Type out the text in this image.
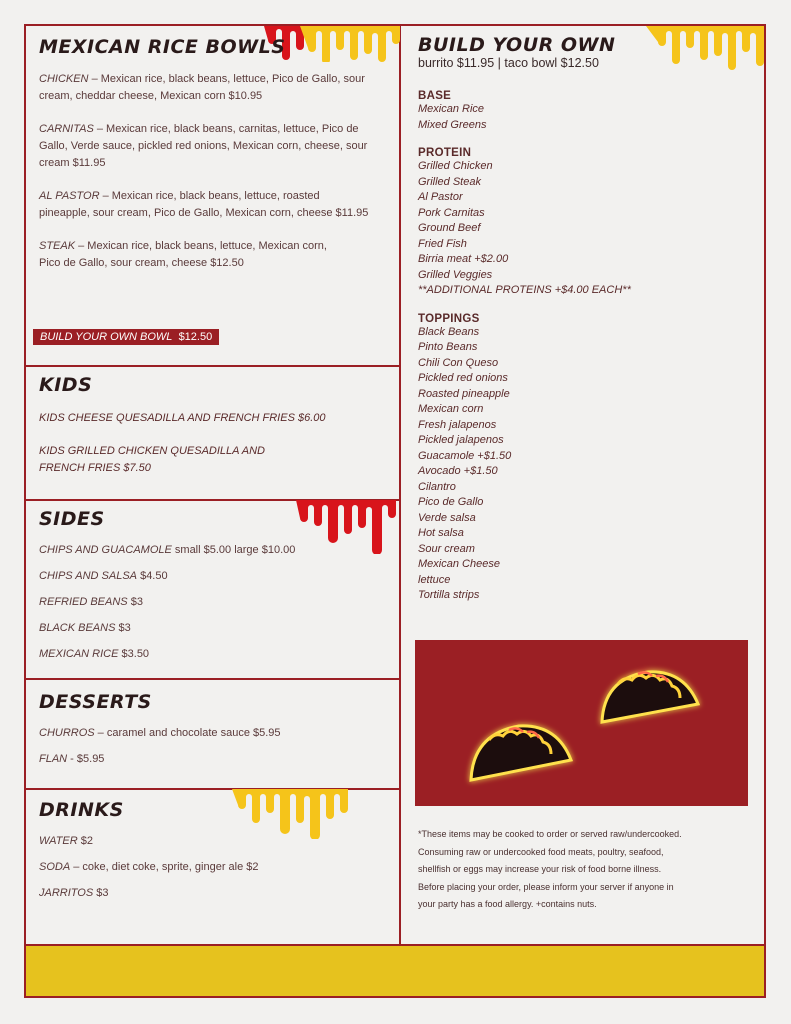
MEXICAN RICE BOWLS
CHICKEN – Mexican rice, black beans, lettuce, Pico de Gallo, sour cream, cheddar cheese, Mexican corn $10.95
CARNITAS – Mexican rice, black beans, carnitas, lettuce, Pico de Gallo, Verde sauce, pickled red onions, Mexican corn, cheese, sour cream $11.95
AL PASTOR – Mexican rice, black beans, lettuce, roasted pineapple, sour cream, Pico de Gallo, Mexican corn, cheese $11.95
STEAK – Mexican rice, black beans, lettuce, Mexican corn, Pico de Gallo, sour cream, cheese $12.50
BUILD YOUR OWN BOWL $12.50
KIDS
KIDS CHEESE QUESADILLA AND FRENCH FRIES $6.00
KIDS GRILLED CHICKEN QUESADILLA AND FRENCH FRIES $7.50
SIDES
CHIPS AND GUACAMOLE small $5.00 large $10.00
CHIPS AND SALSA $4.50
REFRIED BEANS $3
BLACK BEANS $3
MEXICAN RICE $3.50
DESSERTS
CHURROS – caramel and chocolate sauce $5.95
FLAN - $5.95
DRINKS
WATER $2
SODA – coke, diet coke, sprite, ginger ale $2
JARRITOS $3
BUILD YOUR OWN
burrito $11.95 | taco bowl $12.50
BASE
Mexican Rice
Mixed Greens
PROTEIN
Grilled Chicken
Grilled Steak
Al Pastor
Pork Carnitas
Ground Beef
Fried Fish
Birria meat +$2.00
Grilled Veggies
**ADDITIONAL PROTEINS +$4.00 EACH**
TOPPINGS
Black Beans
Pinto Beans
Chili Con Queso
Pickled red onions
Roasted pineapple
Mexican corn
Fresh jalapenos
Pickled jalapenos
Guacamole +$1.50
Avocado +$1.50
Cilantro
Pico de Gallo
Verde salsa
Hot salsa
Sour cream
Mexican Cheese
lettuce
Tortilla strips
*These items may be cooked to order or served raw/undercooked.
Consuming raw or undercooked food meats, poultry, seafood,
shellfish or eggs may increase your risk of food borne illness.
Before placing your order, please inform your server if anyone in
your party has a food allergy. +contains nuts.
